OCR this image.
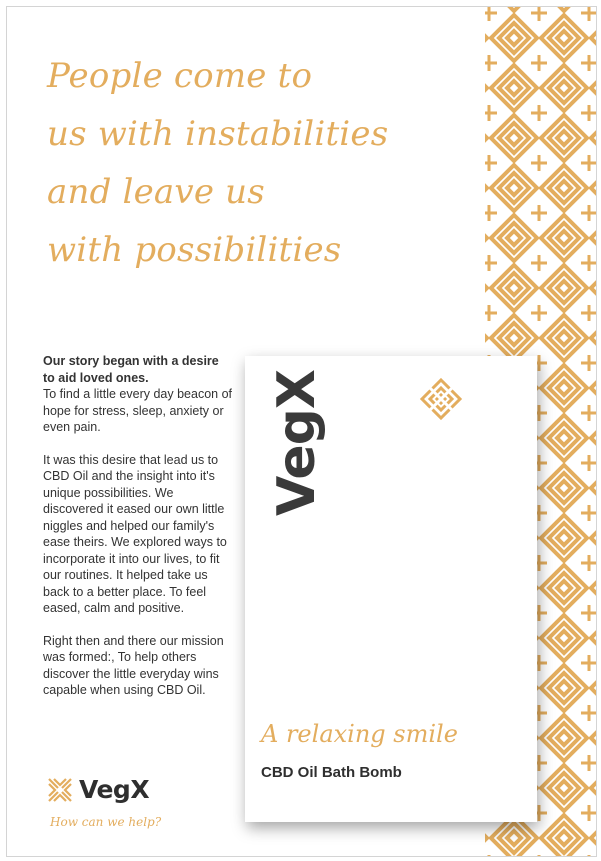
People come to
us with instabilities
and leave us
with possibilities

Our story began with a desire to aid loved ones.
To find a little every day beacon of hope for stress, sleep, anxiety or even pain.

It was this desire that lead us to CBD Oil and the insight into it's unique possibilities. We discovered it eased our own little niggles and helped our family's ease theirs. We explored ways to incorporate it into our lives, to fit our routines. It helped take us back to a better place. To feel eased, calm and positive.

Right then and there our mission was formed:, To help others discover the little everyday wins capable when using CBD Oil.

VegX
How can we help?
VegX
A relaxing smile
CBD Oil Bath Bomb
